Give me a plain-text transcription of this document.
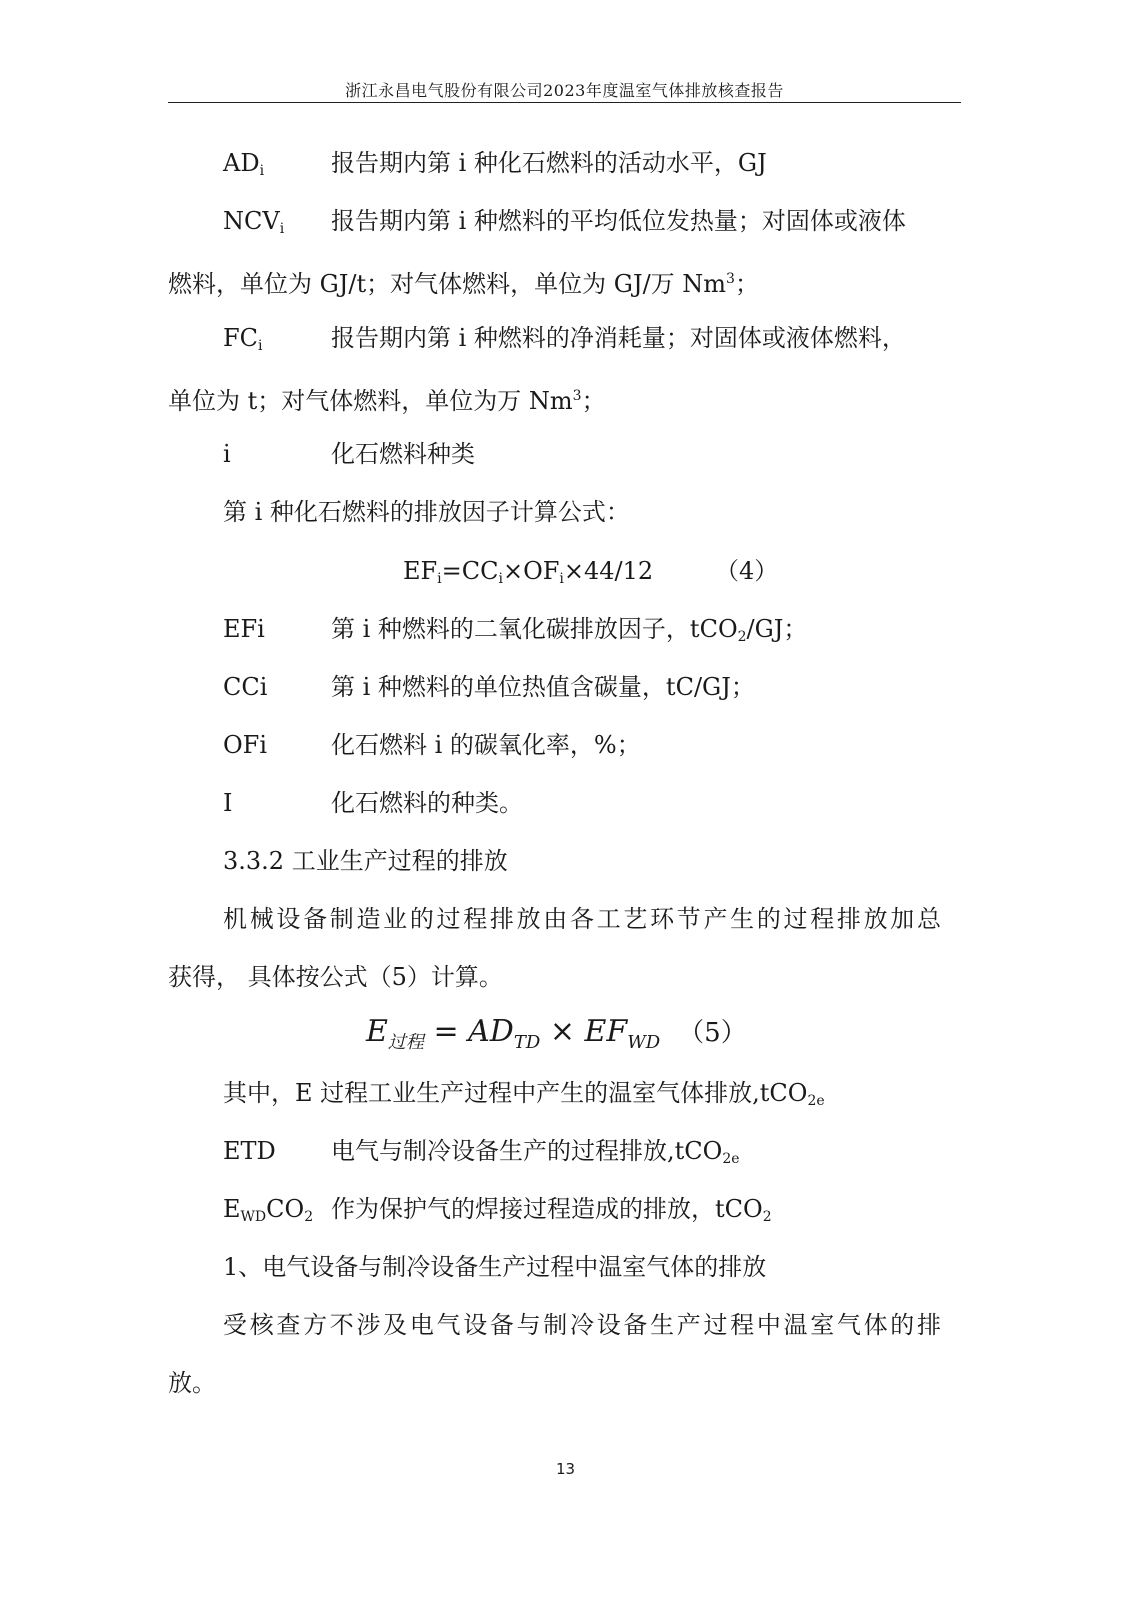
浙江永昌电气股份有限公司2023年度温室气体排放核查报告
$AD_i$	报告期内第 i 种化石燃料的活动水平，GJ
$NCV_i$ 报告期内第 i 种燃料的平均低位发热量；对固体或液体
燃料，单位为 GJ/t；对气体燃料，单位为 GJ/万 Nm$^3$；
$FC_i$	报告期内第 i 种燃料的净消耗量；对固体或液体燃料，
单位为 t；对气体燃料，单位为万 Nm$^3$；
i	化石燃料种类
第 i 种化石燃料的排放因子计算公式：
$EF_i=CC_i\times OF_i\times 44/12$	（4）
EFi	第 i 种燃料的二氧化碳排放因子，tCO$_2$/GJ；
CCi	第 i 种燃料的单位热值含碳量，tC/GJ；
OFi	化石燃料 i 的碳氧化率，%；
I	化石燃料的种类。
3.3.2 工业生产过程的排放
机械设备制造业的过程排放由各工艺环节产生的过程排放加总
获得， 具体按公式（5）计算。
$E_{过程} = AD_{TD} \times EF_{WD}$ （5）
其中，E 过程工业生产过程中产生的温室气体排放,tCO$_{2e}$
ETD 电气与制冷设备生产的过程排放,tCO$_{2e}$
$E_{WD}CO_2$ 作为保护气的焊接过程造成的排放，tCO$_2$
1、电气设备与制冷设备生产过程中温室气体的排放
受核查方不涉及电气设备与制冷设备生产过程中温室气体的排
放。
13
